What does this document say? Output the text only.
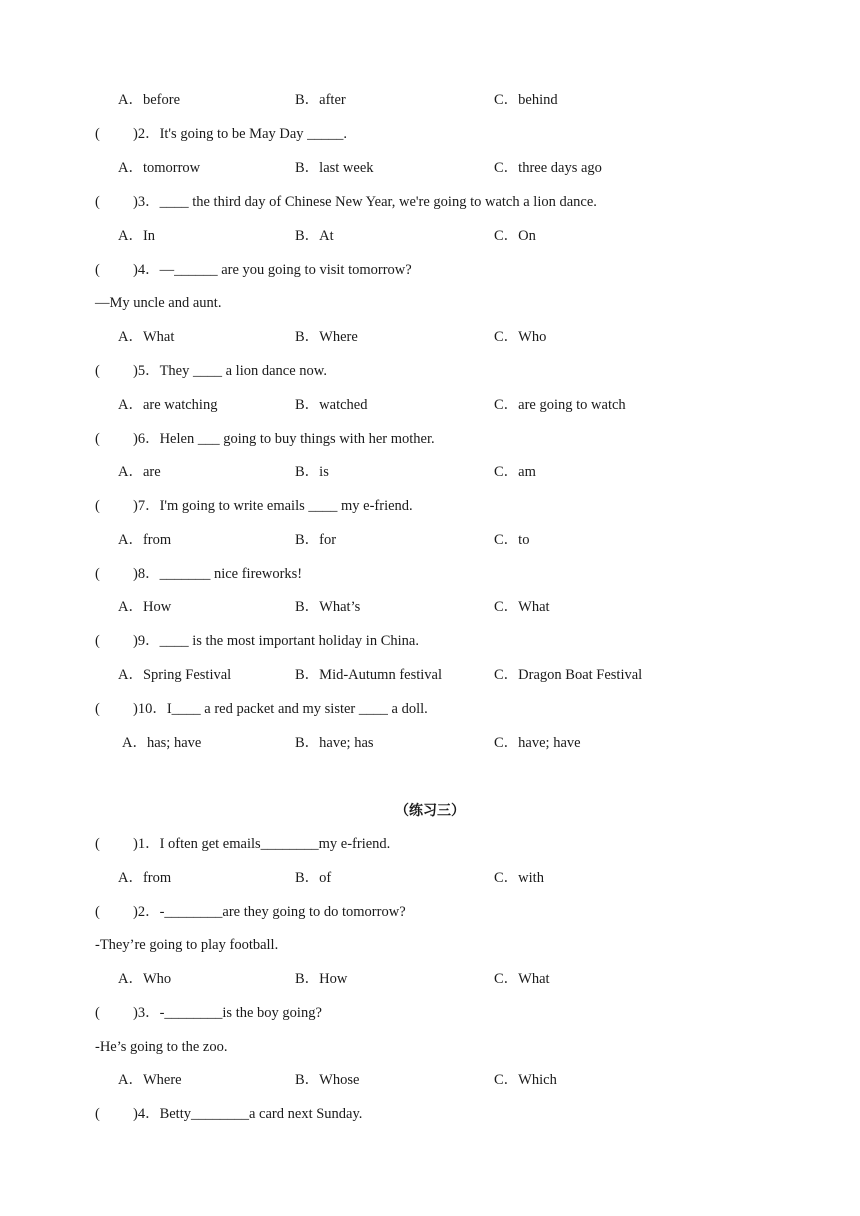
A．before	B．after	C．behind
( )2．It's going to be May Day _____.
A．tomorrow	B．last week	C．three days ago
( )3．____ the third day of Chinese New Year, we're going to watch a lion dance.
A．In	B．At	C．On
( )4．—______ are you going to visit tomorrow?
—My uncle and aunt.
A．What	B．Where	C．Who
( )5．They ____ a lion dance now.
A．are watching	B．watched	C．are going to watch
( )6．Helen ___ going to buy things with her mother.
A．are	B．is	C．am
( )7．I'm going to write emails ____ my e-friend.
A．from	B．for	C．to
( )8．_______ nice fireworks!
A．How	B．What’s	C．What
( )9．____ is the most important holiday in China.
A．Spring Festival	B．Mid-Autumn festival	C．Dragon Boat Festival
( )10．I____ a red packet and my sister ____ a doll.
A．has; have	B．have; has	C．have; have
（练习三）
( )1．I often get emails________my e-friend.
A．from	B．of	C．with
( )2．-________are they going to do tomorrow?
-They’re going to play football.
A．Who	B．How	C．What
( )3．-________is the boy going?
-He’s going to the zoo.
A．Where	B．Whose	C．Which
( )4．Betty________a card next Sunday.
